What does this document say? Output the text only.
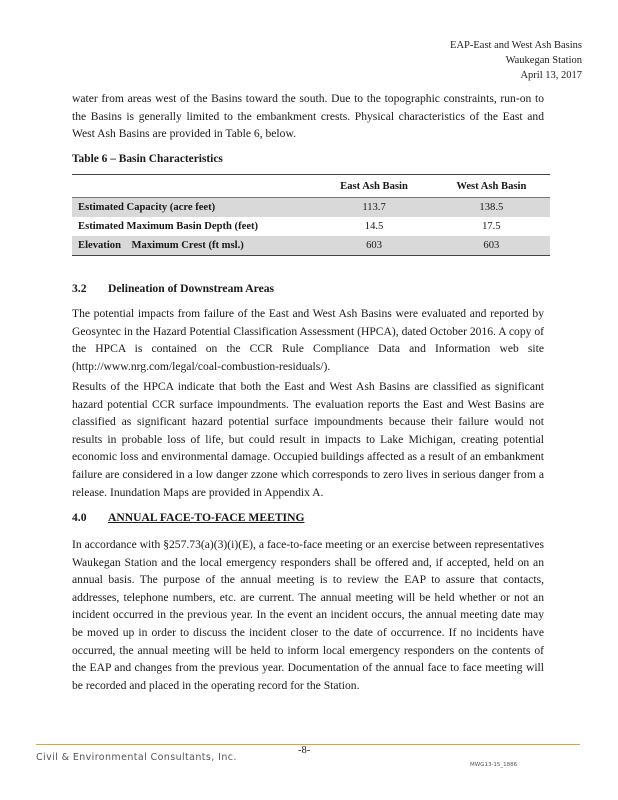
EAP-East and West Ash Basins
Waukegan Station
April 13, 2017

water from areas west of the Basins toward the south. Due to the topographic constraints, run-on to the Basins is generally limited to the embankment crests. Physical characteristics of the East and West Ash Basins are provided in Table 6, below.

Table 6 – Basin Characteristics

	East Ash Basin	West Ash Basin
Estimated Capacity (acre feet)	113.7	138.5
Estimated Maximum Basin Depth (feet)	14.5	17.5
Elevation    Maximum Crest (ft msl.)	603	603
3.2 Delineation of Downstream Areas

The potential impacts from failure of the East and West Ash Basins were evaluated and reported by Geosyntec in the Hazard Potential Classification Assessment (HPCA), dated October 2016. A copy of the HPCA is contained on the CCR Rule Compliance Data and Information web site (http://www.nrg.com/legal/coal-combustion-residuals/).

Results of the HPCA indicate that both the East and West Ash Basins are classified as significant hazard potential CCR surface impoundments. The evaluation reports the East and West Basins are classified as significant hazard potential surface impoundments because their failure would not results in probable loss of life, but could result in impacts to Lake Michigan, creating potential economic loss and environmental damage. Occupied buildings affected as a result of an embankment failure are considered in a low danger zzone which corresponds to zero lives in serious danger from a release. Inundation Maps are provided in Appendix A.

4.0 ANNUAL FACE-TO-FACE MEETING

In accordance with §257.73(a)(3)(i)(E), a face-to-face meeting or an exercise between representatives Waukegan Station and the local emergency responders shall be offered and, if accepted, held on an annual basis. The purpose of the annual meeting is to review the EAP to assure that contacts, addresses, telephone numbers, etc. are current. The annual meeting will be held whether or not an incident occurred in the previous year. In the event an incident occurs, the annual meeting date may be moved up in order to discuss the incident closer to the date of occurrence. If no incidents have occurred, the annual meeting will be held to inform local emergency responders on the contents of the EAP and changes from the previous year. Documentation of the annual face to face meeting will be recorded and placed in the operating record for the Station.

Civil & Environmental Consultants, Inc.
-8-
MWG13-15_1886
